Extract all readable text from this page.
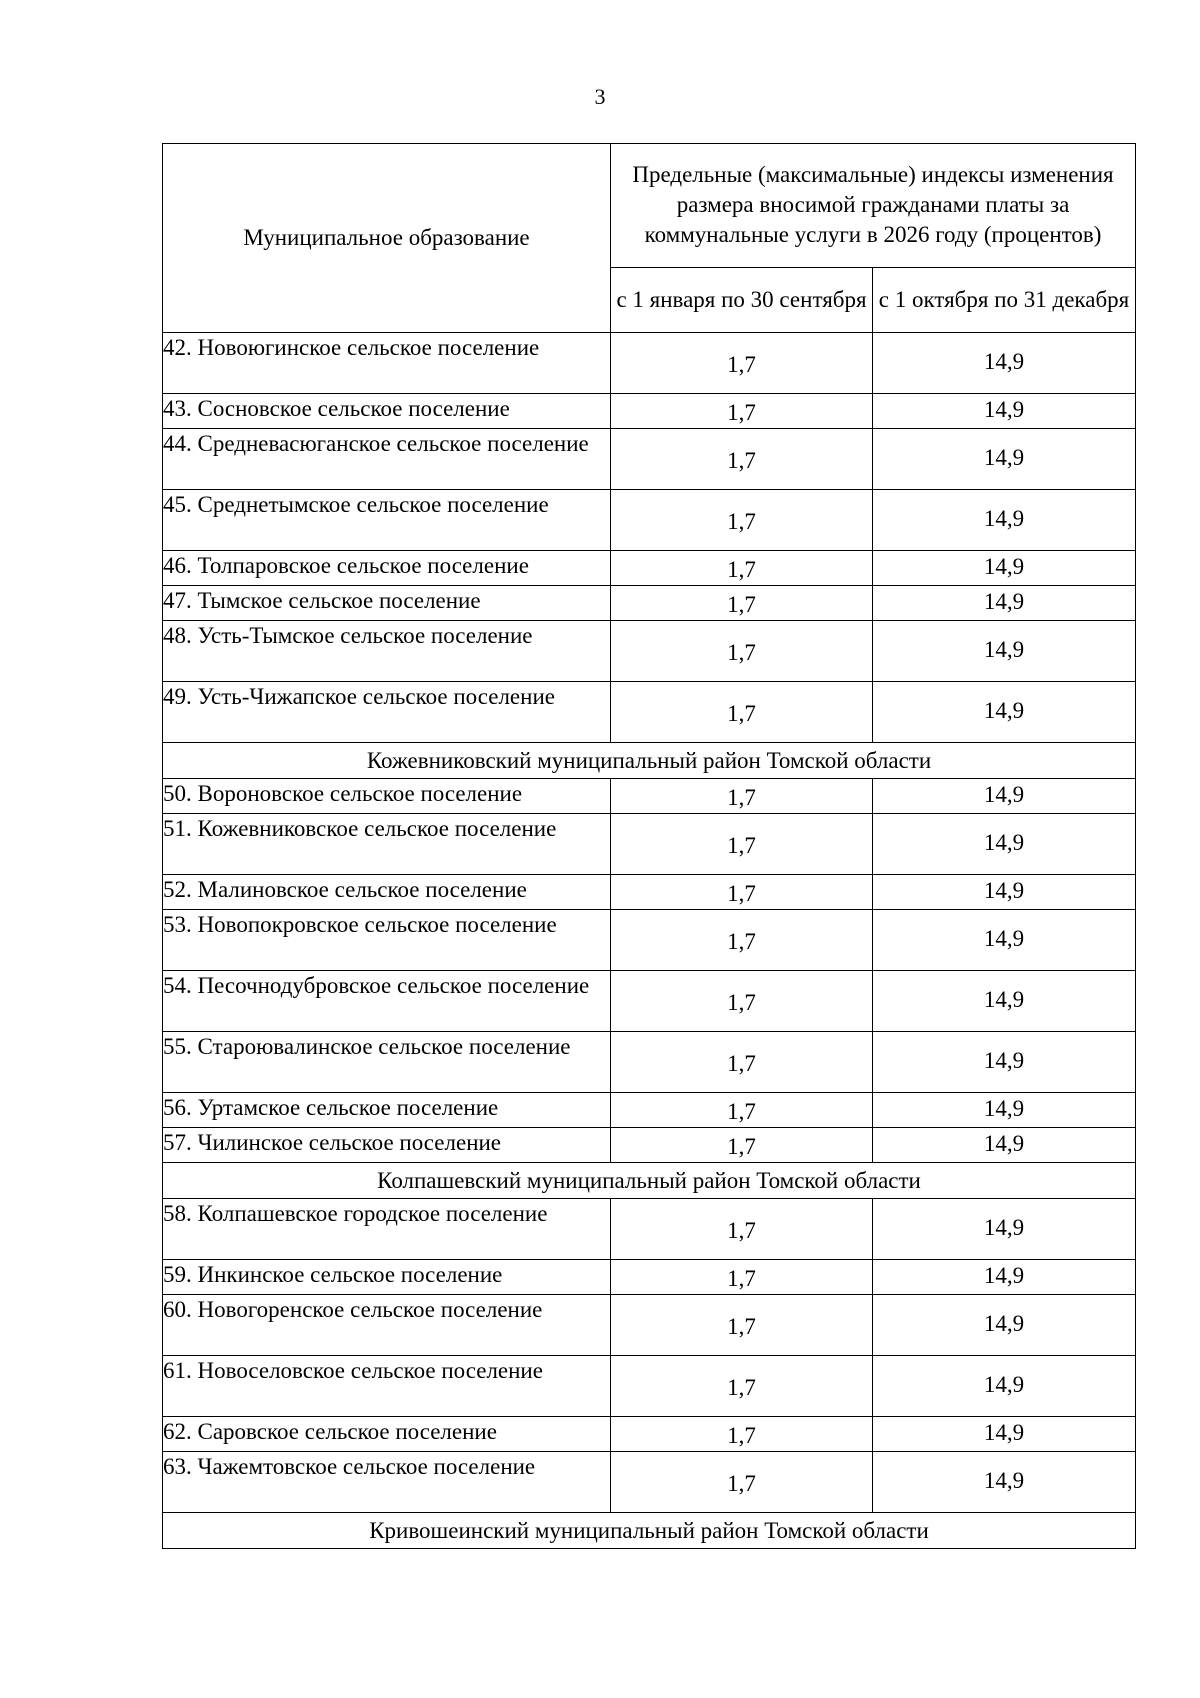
3
Муниципальное образование	Предельные (максимальные) индексы изменения размера вносимой гражданами платы за коммунальные услуги в 2026 году (процентов)	
	с 1 января по 30 сентября	с 1 октября по 31 декабря
42. Новоюгинское сельское поселение	1,7	14,9
43. Сосновское сельское поселение	1,7	14,9
44. Средневасюганское сельское поселение	1,7	14,9
45. Среднетымское сельское поселение	1,7	14,9
46. Толпаровское сельское поселение	1,7	14,9
47. Тымское сельское поселение	1,7	14,9
48. Усть-Тымское сельское поселение	1,7	14,9
49. Усть-Чижапское сельское поселение	1,7	14,9
Кожевниковский муниципальный район Томской области		
50. Вороновское сельское поселение	1,7	14,9
51. Кожевниковское сельское поселение	1,7	14,9
52. Малиновское сельское поселение	1,7	14,9
53. Новопокровское сельское поселение	1,7	14,9
54. Песочнодубровское сельское поселение	1,7	14,9
55. Староювалинское сельское поселение	1,7	14,9
56. Уртамское сельское поселение	1,7	14,9
57. Чилинское сельское поселение	1,7	14,9
Колпашевский муниципальный район Томской области		
58. Колпашевское городское поселение	1,7	14,9
59. Инкинское сельское поселение	1,7	14,9
60. Новогоренское сельское поселение	1,7	14,9
61. Новоселовское сельское поселение	1,7	14,9
62. Саровское сельское поселение	1,7	14,9
63. Чажемтовское сельское поселение	1,7	14,9
Кривошеинский муниципальный район Томской области		
